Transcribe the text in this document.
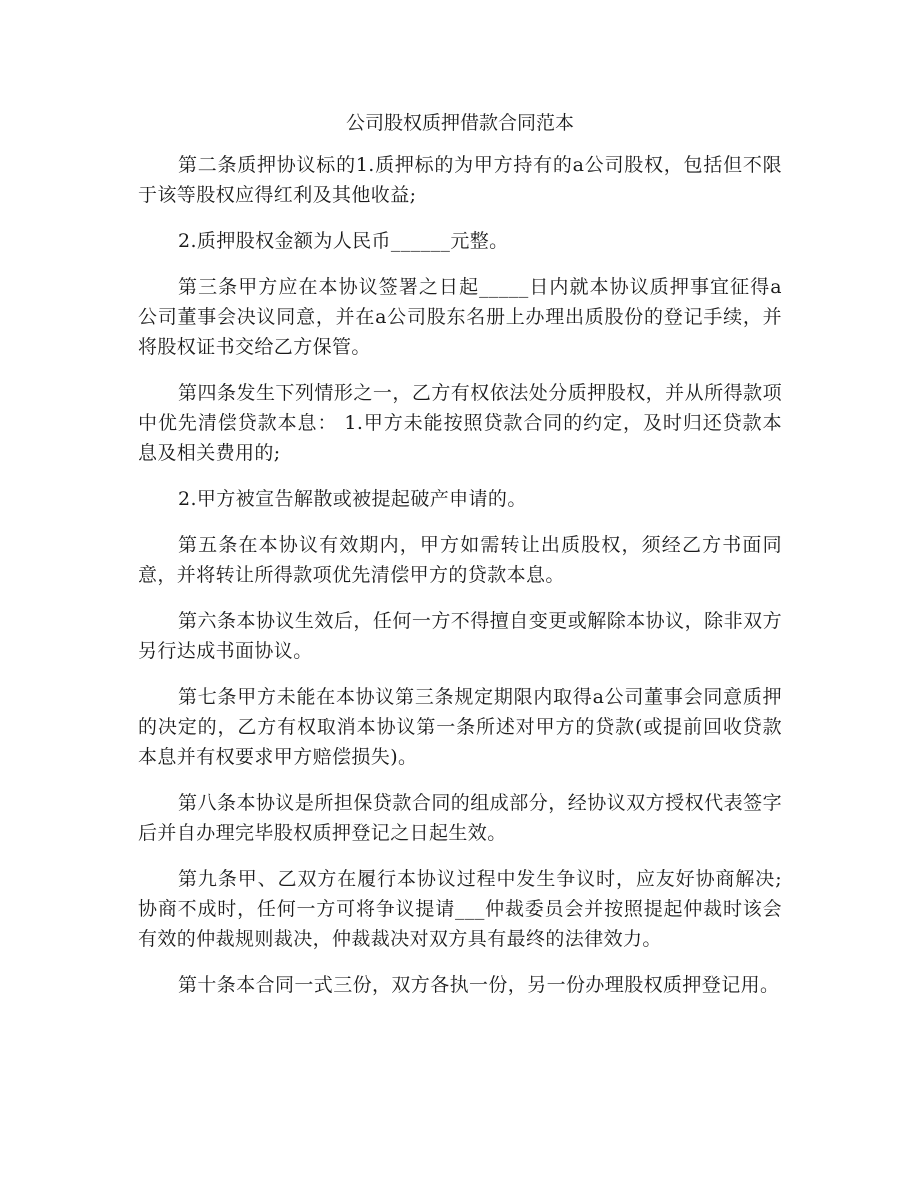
公司股权质押借款合同范本

第二条质押协议标的1.质押标的为甲方持有的a公司股权，包括但不限于该等股权应得红利及其他收益;

2.质押股权金额为人民币______元整。

第三条甲方应在本协议签署之日起_____日内就本协议质押事宜征得a公司董事会决议同意，并在a公司股东名册上办理出质股份的登记手续，并将股权证书交给乙方保管。

第四条发生下列情形之一，乙方有权依法处分质押股权，并从所得款项中优先清偿贷款本息： 1.甲方未能按照贷款合同的约定，及时归还贷款本息及相关费用的;

2.甲方被宣告解散或被提起破产申请的。

第五条在本协议有效期内，甲方如需转让出质股权，须经乙方书面同意，并将转让所得款项优先清偿甲方的贷款本息。

第六条本协议生效后，任何一方不得擅自变更或解除本协议，除非双方另行达成书面协议。

第七条甲方未能在本协议第三条规定期限内取得a公司董事会同意质押的决定的，乙方有权取消本协议第一条所述对甲方的贷款(或提前回收贷款本息并有权要求甲方赔偿损失)。

第八条本协议是所担保贷款合同的组成部分，经协议双方授权代表签字后并自办理完毕股权质押登记之日起生效。

第九条甲、乙双方在履行本协议过程中发生争议时，应友好协商解决;协商不成时，任何一方可将争议提请___仲裁委员会并按照提起仲裁时该会有效的仲裁规则裁决，仲裁裁决对双方具有最终的法律效力。

第十条本合同一式三份，双方各执一份，另一份办理股权质押登记用。
